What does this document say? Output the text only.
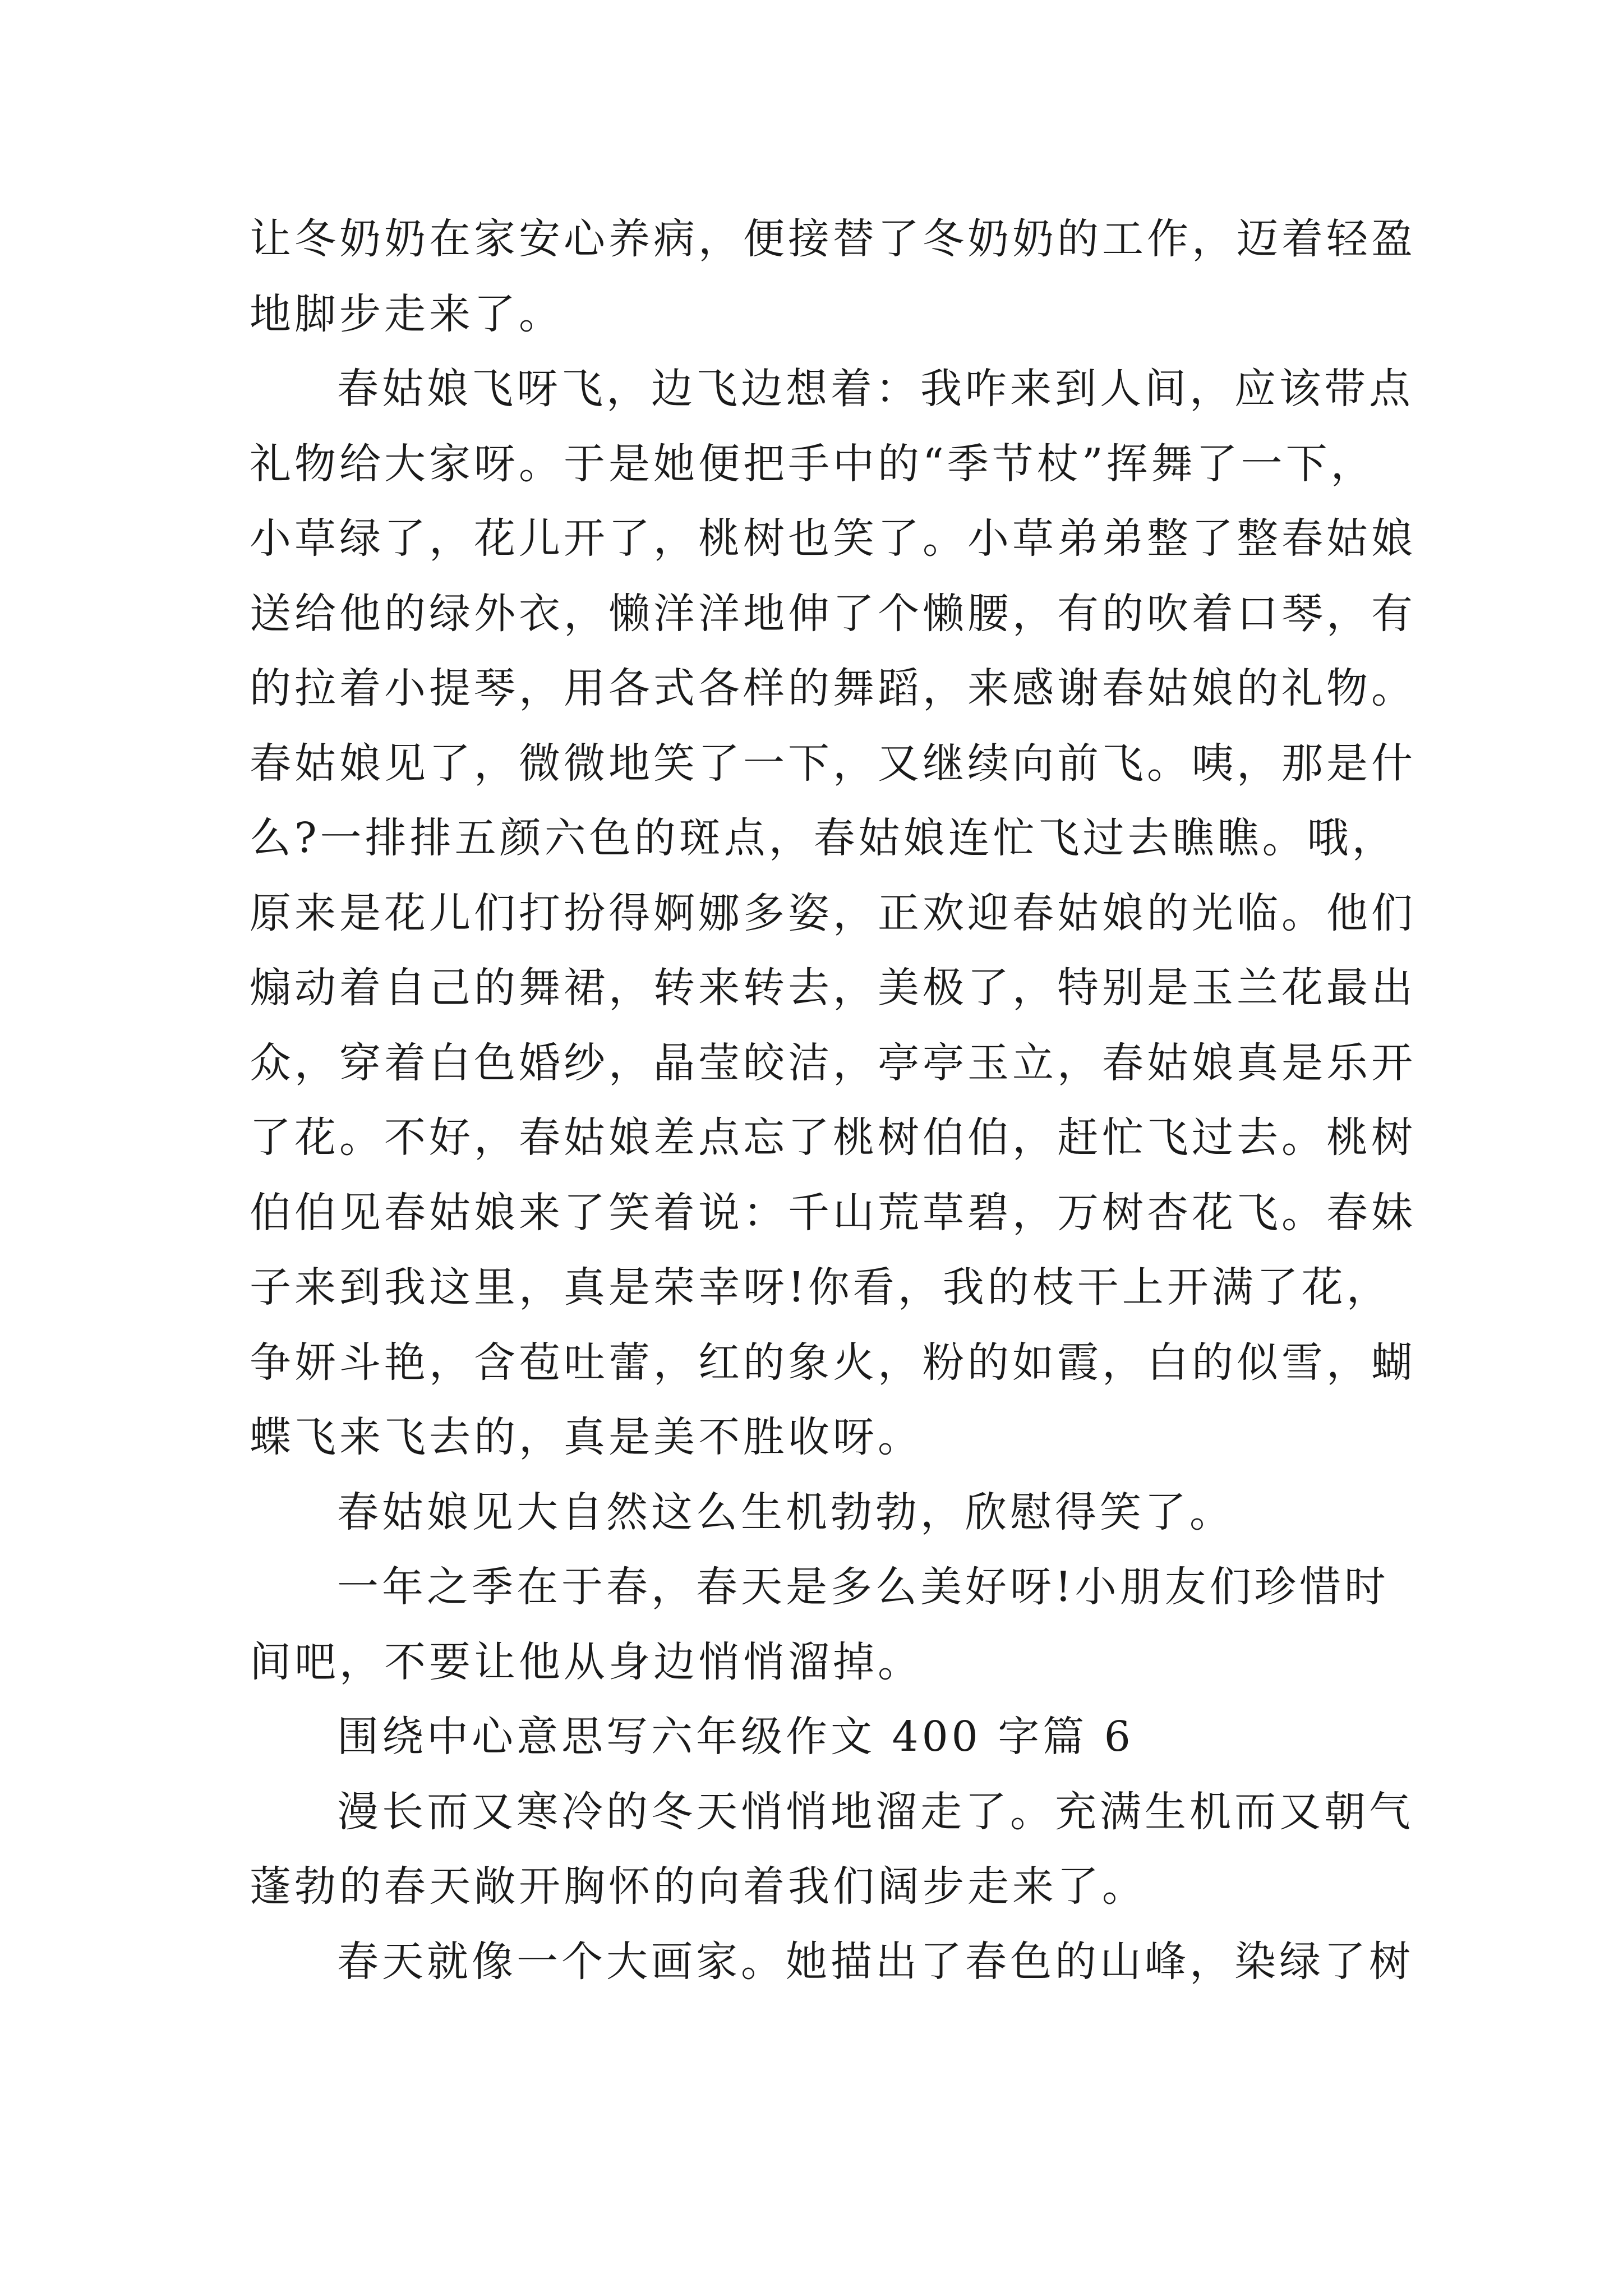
让冬奶奶在家安心养病，便接替了冬奶奶的工作，迈着轻盈
地脚步走来了。
春姑娘飞呀飞，边飞边想着：我咋来到人间，应该带点
礼物给大家呀。于是她便把手中的“季节杖”挥舞了一下，
小草绿了，花儿开了，桃树也笑了。小草弟弟整了整春姑娘
送给他的绿外衣，懒洋洋地伸了个懒腰，有的吹着口琴，有
的拉着小提琴，用各式各样的舞蹈，来感谢春姑娘的礼物。
春姑娘见了，微微地笑了一下，又继续向前飞。咦，那是什
么?一排排五颜六色的斑点，春姑娘连忙飞过去瞧瞧。哦，
原来是花儿们打扮得婀娜多姿，正欢迎春姑娘的光临。他们
煽动着自己的舞裙，转来转去，美极了，特别是玉兰花最出
众，穿着白色婚纱，晶莹皎洁，亭亭玉立，春姑娘真是乐开
了花。不好，春姑娘差点忘了桃树伯伯，赶忙飞过去。桃树
伯伯见春姑娘来了笑着说：千山荒草碧，万树杏花飞。春妹
子来到我这里，真是荣幸呀!你看，我的枝干上开满了花，
争妍斗艳，含苞吐蕾，红的象火，粉的如霞，白的似雪，蝴
蝶飞来飞去的，真是美不胜收呀。
春姑娘见大自然这么生机勃勃，欣慰得笑了。
一年之季在于春，春天是多么美好呀!小朋友们珍惜时
间吧，不要让他从身边悄悄溜掉。
围绕中心意思写六年级作文 400 字篇 6
漫长而又寒冷的冬天悄悄地溜走了。充满生机而又朝气
蓬勃的春天敞开胸怀的向着我们阔步走来了。
春天就像一个大画家。她描出了春色的山峰，染绿了树
